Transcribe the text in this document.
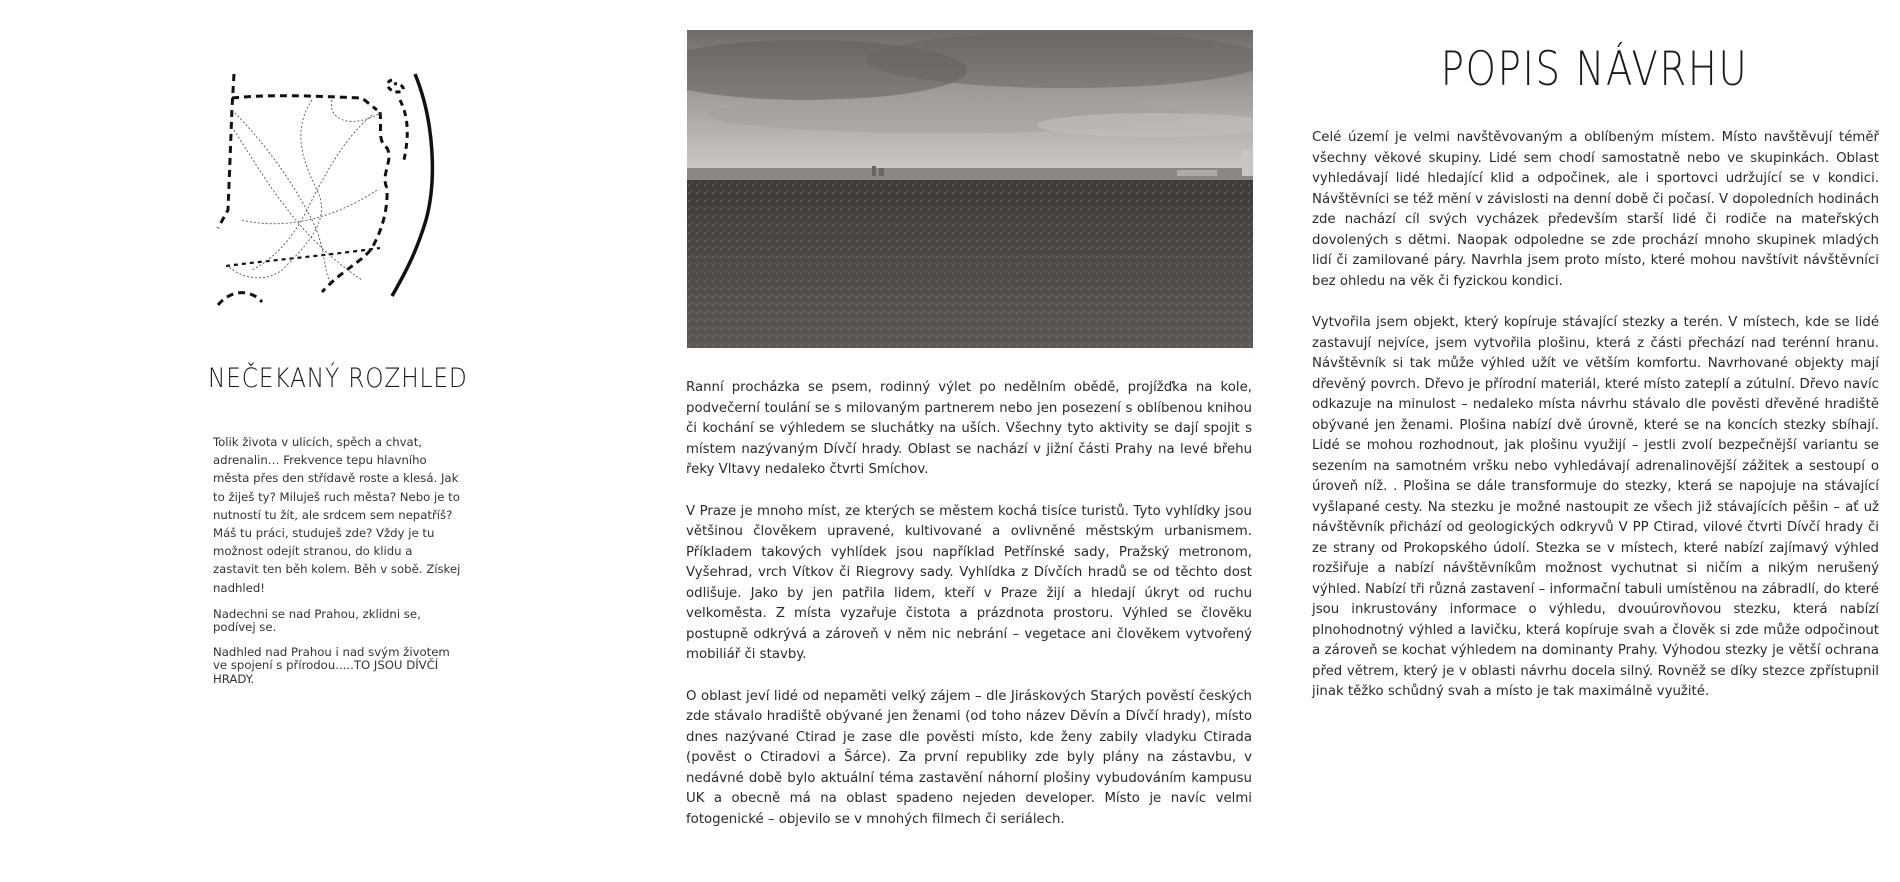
NEČEKANÝ ROZHLED

Tolik života v ulicích, spěch a chvat, adrenalin… Frekvence tepu hlavního města přes den střídavě roste a klesá. Jak to žiješ ty? Miluješ ruch města? Nebo je to nutností tu žít, ale srdcem sem nepatříš? Máš tu práci, studuješ zde? Vždy je tu možnost odejít stranou, do klidu a zastavit ten běh kolem. Běh v sobě. Získej nadhled!

Nadechni se nad Prahou, zklidni se, podívej se.

Nadhled nad Prahou i nad svým životem ve spojení s přírodou.....TO JSOU DÍVČÍ HRADY.

Ranní procházka se psem, rodinný výlet po nedělním obědě, projížďka na kole, podvečerní toulání se s milovaným partnerem nebo jen posezení s oblíbenou knihou či kochání se výhledem se sluchátky na uších. Všechny tyto aktivity se dají spojit s místem nazývaným Dívčí hrady. Oblast se nachází v jižní části Prahy na levé břehu řeky Vltavy nedaleko čtvrti Smíchov.

V Praze je mnoho míst, ze kterých se městem kochá tisíce turistů. Tyto vyhlídky jsou většinou člověkem upravené, kultivované a ovlivněné městským urbanismem. Příkladem takových vyhlídek jsou například Petřínské sady, Pražský metronom, Vyšehrad, vrch Vítkov či Riegrovy sady. Vyhlídka z Dívčích hradů se od těchto dost odlišuje. Jako by jen patřila lidem, kteří v Praze žijí a hledají úkryt od ruchu velkoměsta. Z místa vyzařuje čistota a prázdnota prostoru. Výhled se člověku postupně odkrývá a zároveň v něm nic nebrání – vegetace ani člověkem vytvořený mobiliář či stavby.

O oblast jeví lidé od nepaměti velký zájem – dle Jiráskových Starých pověstí českých zde stávalo hradiště obývané jen ženami (od toho název Děvín a Dívčí hrady), místo dnes nazývané Ctirad je zase dle pověsti místo, kde ženy zabily vladyku Ctirada (pověst o Ctiradovi a Šárce). Za první republiky zde byly plány na zástavbu, v nedávné době bylo aktuální téma zastavění náhorní plošiny vybudováním kampusu UK a obecně má na oblast spadeno nejeden developer. Místo je navíc velmi fotogenické – objevilo se v mnohých filmech či seriálech.

POPIS NÁVRHU

Celé území je velmi navštěvovaným a oblíbeným místem. Místo navštěvují téměř všechny věkové skupiny. Lidé sem chodí samostatně nebo ve skupinkách. Oblast vyhledávají lidé hledající klid a odpočinek, ale i sportovci udržující se v kondici. Návštěvníci se též mění v závislosti na denní době či počasí. V dopoledních hodinách zde nachází cíl svých vycházek především starší lidé či rodiče na mateřských dovolených s dětmi. Naopak odpoledne se zde prochází mnoho skupinek mladých lidí či zamilované páry. Navrhla jsem proto místo, které mohou navštívit návštěvníci bez ohledu na věk či fyzickou kondici.

Vytvořila jsem objekt, který kopíruje stávající stezky a terén. V místech, kde se lidé zastavují nejvíce, jsem vytvořila plošinu, která z části přechází nad terénní hranu. Návštěvník si tak může výhled užít ve větším komfortu. Navrhované objekty mají dřevěný povrch. Dřevo je přírodní materiál, které místo zateplí a zútulní. Dřevo navíc odkazuje na minulost – nedaleko místa návrhu stávalo dle pověsti dřevěné hradiště obývané jen ženami. Plošina nabízí dvě úrovně, které se na koncích stezky sbíhají. Lidé se mohou rozhodnout, jak plošinu využijí – jestli zvolí bezpečnější variantu se sezením na samotném vršku nebo vyhledávají adrenalinovější zážitek a sestoupí o úroveň níž. . Plošina se dále transformuje do stezky, která se napojuje na stávající vyšlapané cesty. Na stezku je možné nastoupit ze všech již stávajících pěšin – ať už návštěvník přichází od geologických odkryvů V PP Ctirad, vilové čtvrti Dívčí hrady či ze strany od Prokopského údolí. Stezka se v místech, které nabízí zajímavý výhled rozšiřuje a nabízí návštěvníkům možnost vychutnat si ničím a nikým nerušený výhled. Nabízí tři různá zastavení – informační tabuli umístěnou na zábradlí, do které jsou inkrustovány informace o výhledu, dvouúrovňovou stezku, která nabízí plnohodnotný výhled a lavičku, která kopíruje svah a člověk si zde může odpočinout a zároveň se kochat výhledem na dominanty Prahy. Výhodou stezky je větší ochrana před větrem, který je v oblasti návrhu docela silný. Rovněž se díky stezce zpřístupnil jinak těžko schůdný svah a místo je tak maximálně využité.
